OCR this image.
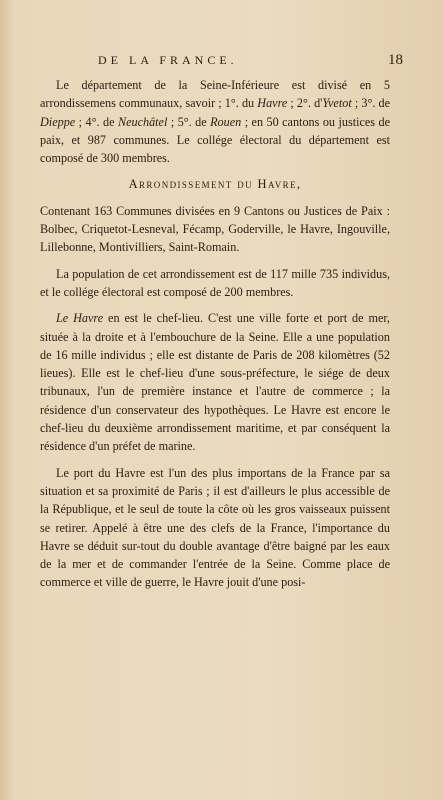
DE LA FRANCE.	18

Le département de la Seine-Inférieure est divisé en 5 arrondissemens communaux, savoir ; 1°. du Havre ; 2°. d'Yvetot ; 3°. de Dieppe ; 4°. de Neuchâtel ; 5°. de Rouen ; en 50 cantons ou justices de paix, et 987 communes. Le collége électoral du département est composé de 300 membres.

Arrondissement du Havre,

Contenant 163 Communes divisées en 9 Cantons ou Justices de Paix : Bolbec, Criquetot-Lesneval, Fécamp, Goderville, le Havre, Ingouville, Lillebonne, Montivilliers, Saint-Romain.

La population de cet arrondissement est de 117 mille 735 individus, et le collége électoral est composé de 200 membres.

Le Havre en est le chef-lieu. C'est une ville forte et port de mer, située à la droite et à l'embouchure de la Seine. Elle a une population de 16 mille individus ; elle est distante de Paris de 208 kilomètres (52 lieues). Elle est le chef-lieu d'une sous-préfecture, le siége de deux tribunaux, l'un de première instance et l'autre de commerce ; la résidence d'un conservateur des hypothèques. Le Havre est encore le chef-lieu du deuxième arrondissement maritime, et par conséquent la résidence d'un préfet de marine.

Le port du Havre est l'un des plus importans de la France par sa situation et sa proximité de Paris ; il est d'ailleurs le plus accessible de la République, et le seul de toute la côte où les gros vaisseaux puissent se retirer. Appelé à être une des clefs de la France, l'importance du Havre se déduit sur-tout du double avantage d'être baigné par les eaux de la mer et de commander l'entrée de la Seine. Comme place de commerce et ville de guerre, le Havre jouit d'une posi-
